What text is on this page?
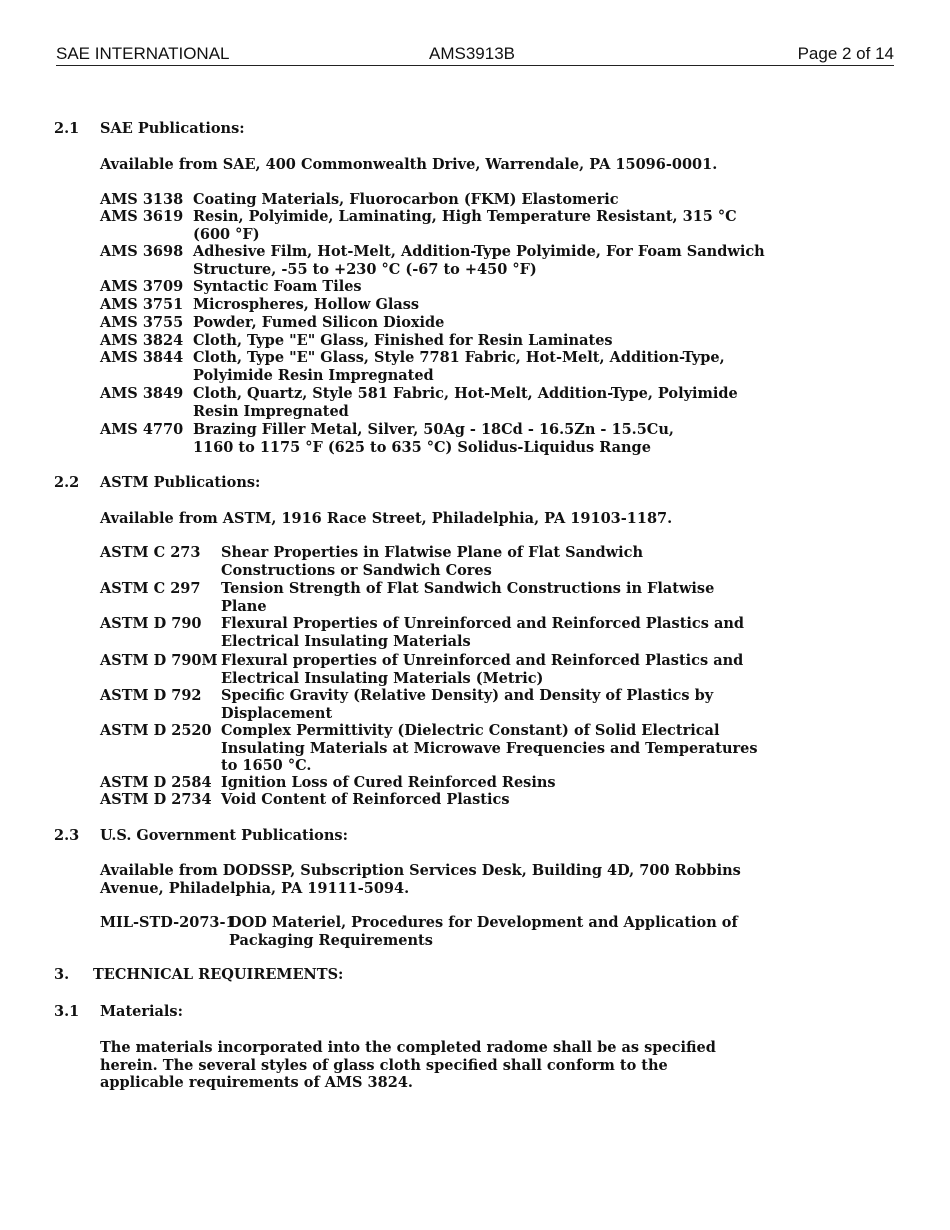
SAE INTERNATIONAL	AMS3913B	Page 2 of 14
2.1 SAE Publications:
Available from SAE, 400 Commonwealth Drive, Warrendale, PA 15096-0001.
AMS 3138 Coating Materials, Fluorocarbon (FKM) Elastomeric
AMS 3619 Resin, Polyimide, Laminating, High Temperature Resistant, 315 °C
(600 °F)
AMS 3698 Adhesive Film, Hot-Melt, Addition-Type Polyimide, For Foam Sandwich
Structure, -55 to +230 °C (-67 to +450 °F)
AMS 3709 Syntactic Foam Tiles
AMS 3751 Microspheres, Hollow Glass
AMS 3755 Powder, Fumed Silicon Dioxide
AMS 3824 Cloth, Type "E" Glass, Finished for Resin Laminates
AMS 3844 Cloth, Type "E" Glass, Style 7781 Fabric, Hot-Melt, Addition-Type,
Polyimide Resin Impregnated
AMS 3849 Cloth, Quartz, Style 581 Fabric, Hot-Melt, Addition-Type, Polyimide
Resin Impregnated
AMS 4770 Brazing Filler Metal, Silver, 50Ag - 18Cd - 16.5Zn - 15.5Cu,
1160 to 1175 °F (625 to 635 °C) Solidus-Liquidus Range
2.2 ASTM Publications:
Available from ASTM, 1916 Race Street, Philadelphia, PA 19103-1187.
ASTM C 273 Shear Properties in Flatwise Plane of Flat Sandwich
Constructions or Sandwich Cores
ASTM C 297 Tension Strength of Flat Sandwich Constructions in Flatwise
Plane
ASTM D 790 Flexural Properties of Unreinforced and Reinforced Plastics and
Electrical Insulating Materials
ASTM D 790M Flexural properties of Unreinforced and Reinforced Plastics and
Electrical Insulating Materials (Metric)
ASTM D 792 Specific Gravity (Relative Density) and Density of Plastics by
Displacement
ASTM D 2520 Complex Permittivity (Dielectric Constant) of Solid Electrical
Insulating Materials at Microwave Frequencies and Temperatures
to 1650 °C.
ASTM D 2584 Ignition Loss of Cured Reinforced Resins
ASTM D 2734 Void Content of Reinforced Plastics
2.3 U.S. Government Publications:
Available from DODSSP, Subscription Services Desk, Building 4D, 700 Robbins
Avenue, Philadelphia, PA 19111-5094.
MIL-STD-2073-1
DOD Materiel, Procedures for Development and Application of
Packaging Requirements
3. TECHNICAL REQUIREMENTS:
3.1 Materials:
The materials incorporated into the completed radome shall be as specified
herein. The several styles of glass cloth specified shall conform to the
applicable requirements of AMS 3824.
